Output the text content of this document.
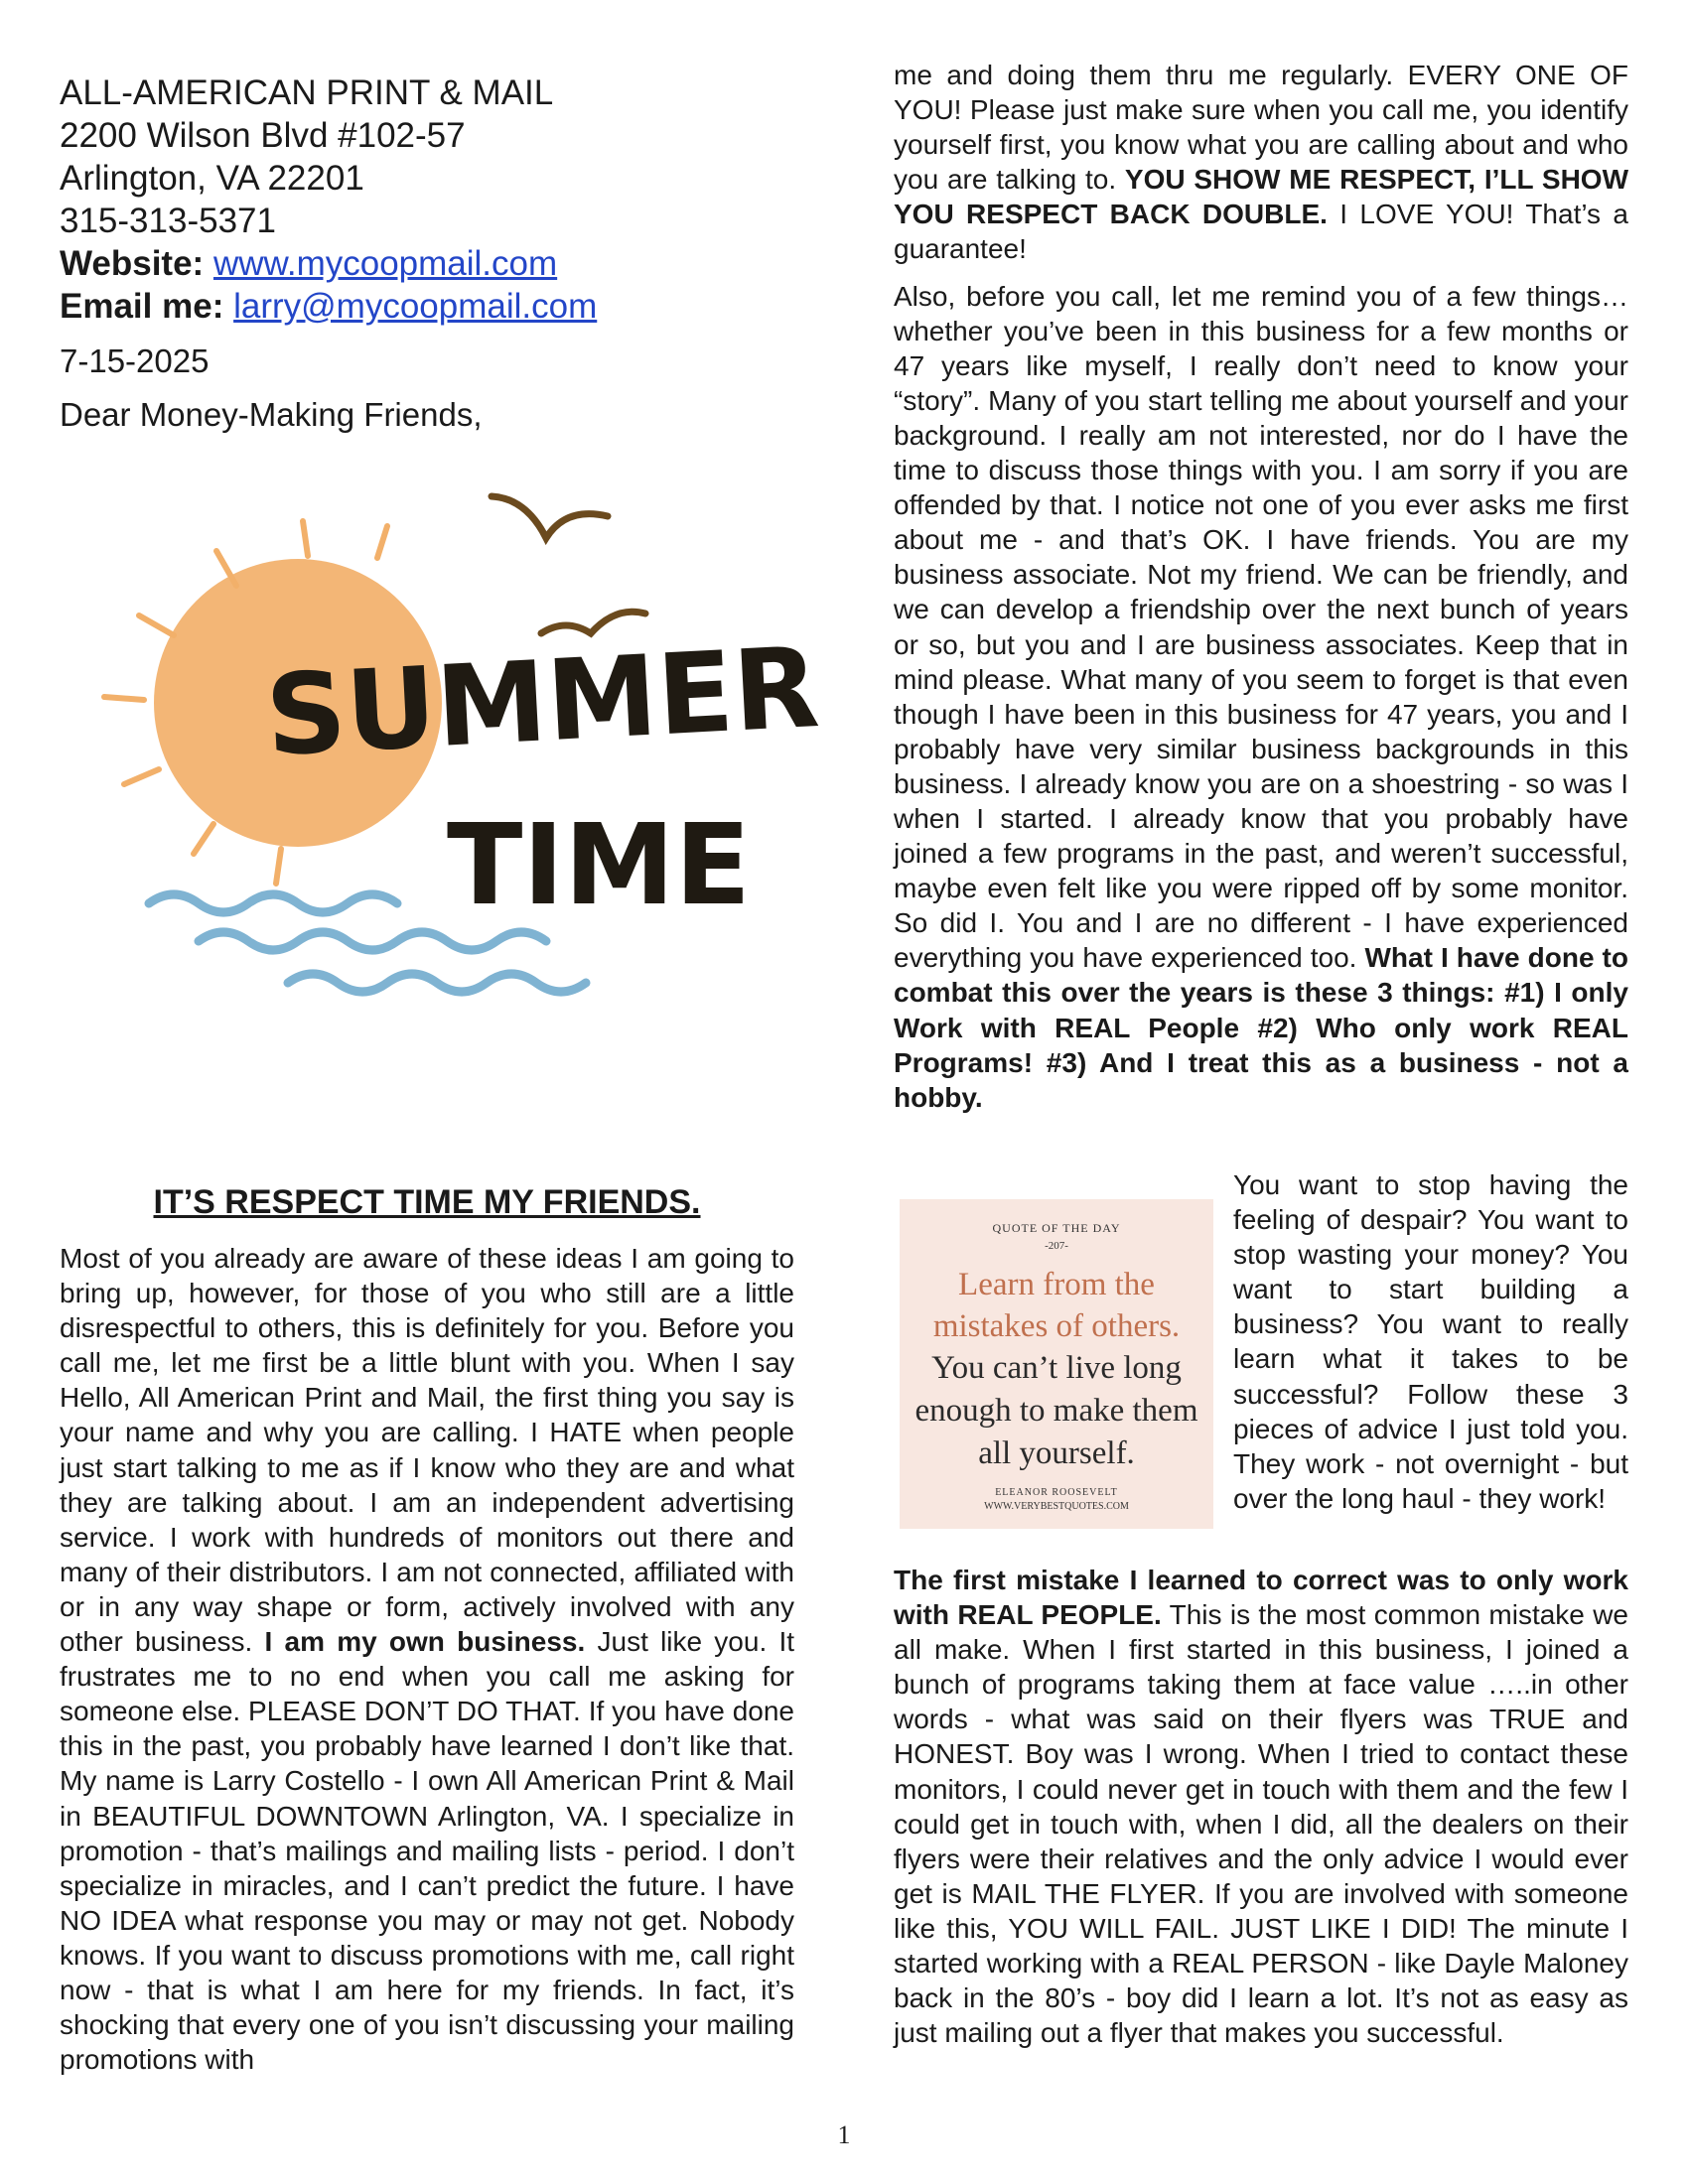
ALL-AMERICAN PRINT & MAIL

2200 Wilson Blvd #102-57

Arlington, VA 22201

315-313-5371

Website: www.mycoopmail.com

Email me: larry@mycoopmail.com

7-15-2025
Dear Money-Making Friends,
SUMMER
TIME
IT’S RESPECT TIME MY FRIENDS.

Most of you already are aware of these ideas I am going to bring up, however, for those of you who still are a little disrespectful to others, this is definitely for you. Before you call me, let me first be a little blunt with you. When I say Hello, All American Print and Mail, the first thing you say is your name and why you are calling. I HATE when people just start talking to me as if I know who they are and what they are talking about. I am an independent advertising service. I work with hundreds of monitors out there and many of their distributors. I am not connected, affiliated with or in any way shape or form, actively involved with any other business. I am my own business. Just like you. It frustrates me to no end when you call me asking for someone else. PLEASE DON’T DO THAT. If you have done this in the past, you probably have learned I don’t like that. My name is Larry Costello - I own All American Print & Mail in BEAUTIFUL DOWNTOWN Arlington, VA. I specialize in promotion - that’s mailings and mailing lists - period. I don’t specialize in miracles, and I can’t predict the future. I have NO IDEA what response you may or may not get. Nobody knows. If you want to discuss promotions with me, call right now - that is what I am here for my friends. In fact, it’s shocking that every one of you isn’t discussing your mailing promotions with

me and doing them thru me regularly. EVERY ONE OF YOU! Please just make sure when you call me, you identify yourself first, you know what you are calling about and who you are talking to. YOU SHOW ME RESPECT, I’LL SHOW YOU RESPECT BACK DOUBLE. I LOVE YOU! That’s a guarantee!

Also, before you call, let me remind you of a few things…whether you’ve been in this business for a few months or 47 years like myself, I really don’t need to know your “story”. Many of you start telling me about yourself and your background. I really am not interested, nor do I have the time to discuss those things with you. I am sorry if you are offended by that. I notice not one of you ever asks me first about me - and that’s OK. I have friends. You are my business associate. Not my friend. We can be friendly, and we can develop a friendship over the next bunch of years or so, but you and I are business associates. Keep that in mind please. What many of you seem to forget is that even though I have been in this business for 47 years, you and I probably have very similar business backgrounds in this business. I already know you are on a shoestring - so was I when I started. I already know that you probably have joined a few programs in the past, and weren’t successful, maybe even felt like you were ripped off by some monitor. So did I. You and I are no different - I have experienced everything you have experienced too. What I have done to combat this over the years is these 3 things: #1) I only Work with REAL People #2) Who only work REAL Programs! #3) And I treat this as a business - not a hobby.

QUOTE OF THE DAY
-207-
Learn from the mistakes of others.
You can’t live long enough to make them all yourself.
ELEANOR ROOSEVELT
WWW.VERYBESTQUOTES.COM

You want to stop having the feeling of despair? You want to stop wasting your money? You want to start building a business? You want to really learn what it takes to be successful? Follow these 3 pieces of advice I just told you. They work - not overnight - but over the long haul - they work!

The first mistake I learned to correct was to only work with REAL PEOPLE. This is the most common mistake we all make. When I first started in this business, I joined a bunch of programs taking them at face value …..in other words - what was said on their flyers was TRUE and HONEST. Boy was I wrong. When I tried to contact these monitors, I could never get in touch with them and the few I could get in touch with, when I did, all the dealers on their flyers were their relatives and the only advice I would ever get is MAIL THE FLYER. If you are involved with someone like this, YOU WILL FAIL. JUST LIKE I DID! The minute I started working with a REAL PERSON - like Dayle Maloney back in the 80’s - boy did I learn a lot. It’s not as easy as just mailing out a flyer that makes you successful.

1
